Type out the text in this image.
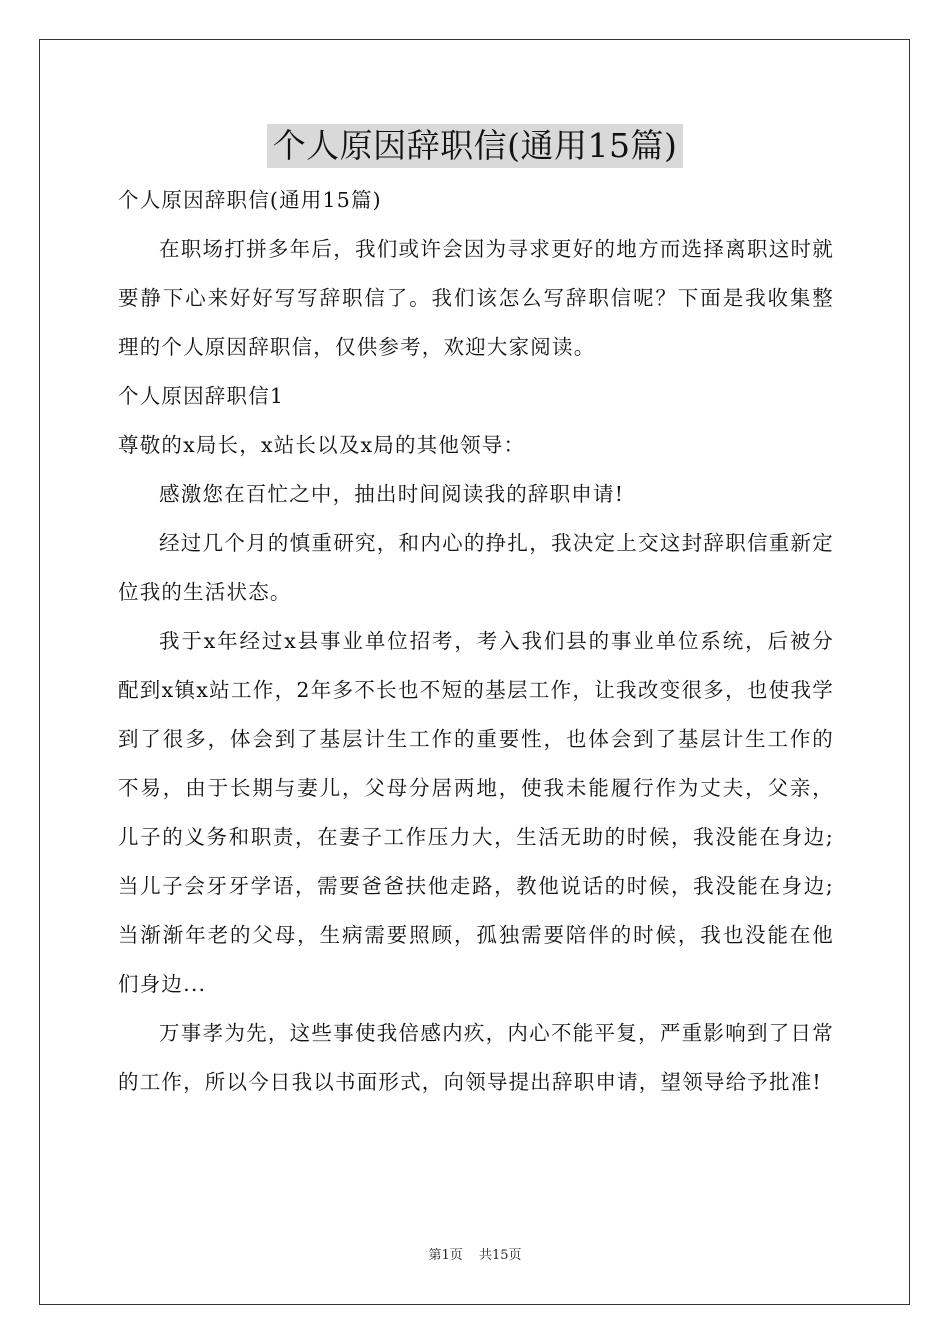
个人原因辞职信(通用15篇)

个人原因辞职信(通用15篇)

在职场打拼多年后，我们或许会因为寻求更好的地方而选择离职这时就要静下心来好好写写辞职信了。我们该怎么写辞职信呢？下面是我收集整理的个人原因辞职信，仅供参考，欢迎大家阅读。

个人原因辞职信1

尊敬的x局长，x站长以及x局的其他领导：

感激您在百忙之中，抽出时间阅读我的辞职申请!

经过几个月的慎重研究，和内心的挣扎，我决定上交这封辞职信重新定位我的生活状态。

我于x年经过x县事业单位招考，考入我们县的事业单位系统，后被分配到x镇x站工作，2年多不长也不短的基层工作，让我改变很多，也使我学到了很多，体会到了基层计生工作的重要性，也体会到了基层计生工作的不易，由于长期与妻儿，父母分居两地，使我未能履行作为丈夫，父亲，儿子的义务和职责，在妻子工作压力大，生活无助的时候，我没能在身边;当儿子会牙牙学语，需要爸爸扶他走路，教他说话的时候，我没能在身边;当渐渐年老的父母，生病需要照顾，孤独需要陪伴的时候，我也没能在他们身边...

万事孝为先，这些事使我倍感内疚，内心不能平复，严重影响到了日常的工作，所以今日我以书面形式，向领导提出辞职申请，望领导给予批准!

第1页 共15页
